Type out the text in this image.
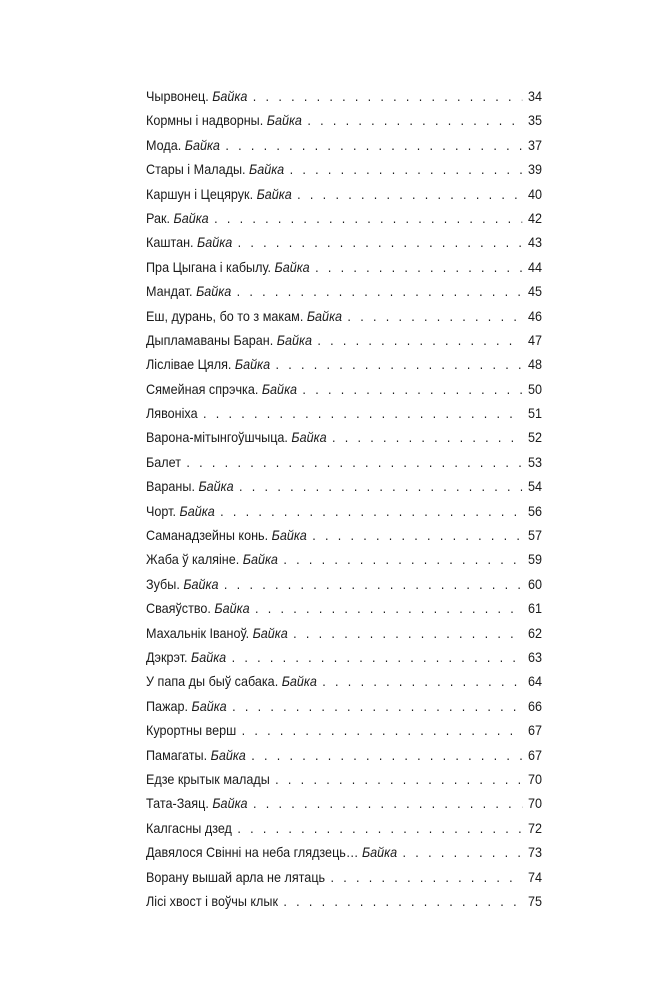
Чырвонец. Байка . . .	34
Кормны і надворны. Байка . . .	35
Мода. Байка . . .	37
Стары і Малады. Байка . . .	39
Каршун і Цецярук. Байка . . .	40
Рак. Байка . . .	42
Каштан. Байка . . .	43
Пра Цыгана і кабылу. Байка . . .	44
Мандат. Байка . . .	45
Еш, дурань, бо то з макам. Байка . . .	46
Дыпламаваны Баран. Байка . . .	47
Ліслівае Цяля. Байка . . .	48
Сямейная спрэчка. Байка . . .	50
Лявоніха . . .	51
Варона-мітынгоўшчыца. Байка . . .	52
Балет . . .	53
Вараны. Байка . . .	54
Чорт. Байка . . .	56
Саманадзейны конь. Байка . . .	57
Жаба ў каляіне. Байка . . .	59
Зубы. Байка . . .	60
Сваяўство. Байка . . .	61
Махальнік Іваноў. Байка . . .	62
Дэкрэт. Байка . . .	63
У папа ды быў сабака. Байка . . .	64
Пажар. Байка . . .	66
Курортны верш . . .	67
Памагаты. Байка . . .	67
Едзе крытык малады . . .	70
Тата-Заяц. Байка . . .	70
Калгасны дзед . . .	72
Давялося Свінні на неба глядзець… Байка . . .	73
Ворану вышай арла не лятаць . . .	74
Лісі хвост і воўчы клык . . .	75
